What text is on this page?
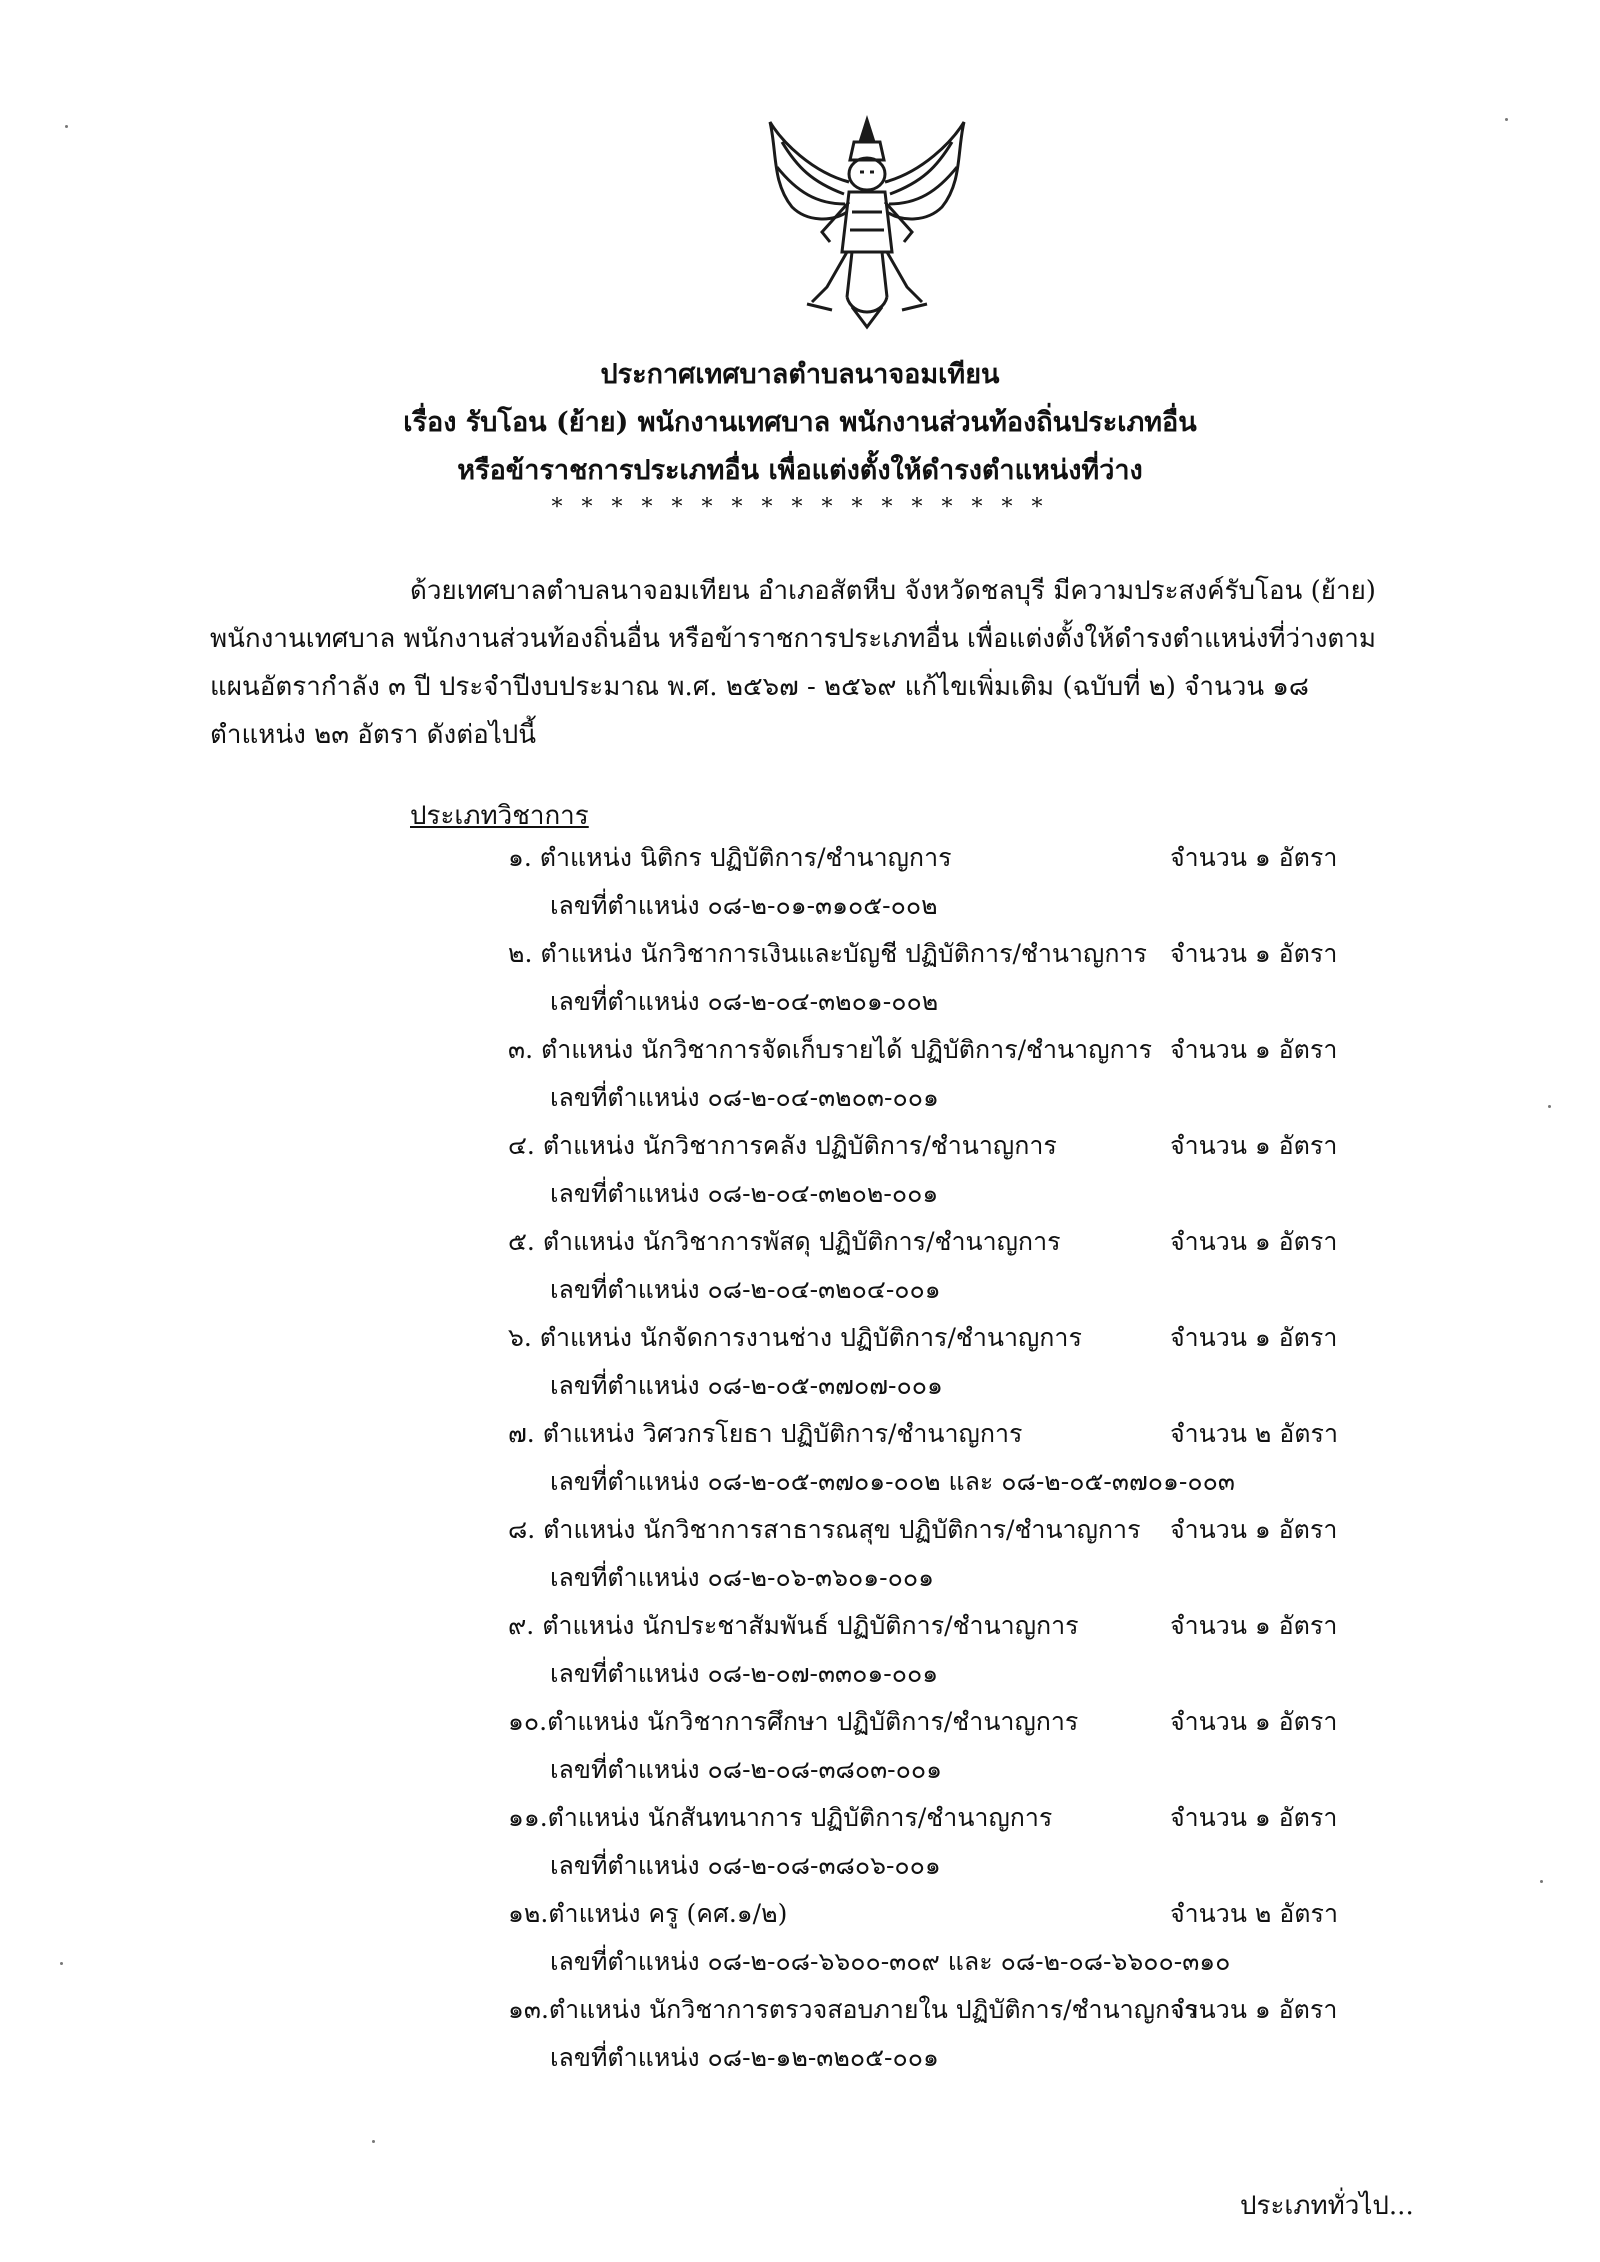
ประกาศเทศบาลตำบลนาจอมเทียน
เรื่อง รับโอน (ย้าย) พนักงานเทศบาล พนักงานส่วนท้องถิ่นประเภทอื่น
หรือข้าราชการประเภทอื่น เพื่อแต่งตั้งให้ดำรงตำแหน่งที่ว่าง
* * * * * * * * * * * * * * * * *
ด้วยเทศบาลตำบลนาจอมเทียน อำเภอสัตหีบ จังหวัดชลบุรี มีความประสงค์รับโอน (ย้าย)
พนักงานเทศบาล พนักงานส่วนท้องถิ่นอื่น หรือข้าราชการประเภทอื่น เพื่อแต่งตั้งให้ดำรงตำแหน่งที่ว่างตาม
แผนอัตรากำลัง ๓ ปี ประจำปีงบประมาณ พ.ศ. ๒๕๖๗ - ๒๕๖๙ แก้ไขเพิ่มเติม (ฉบับที่ ๒) จำนวน ๑๘
ตำแหน่ง ๒๓ อัตรา ดังต่อไปนี้
ประเภทวิชาการ
๑. ตำแหน่ง นิติกร ปฏิบัติการ/ชำนาญการ	จำนวน ๑ อัตรา
เลขที่ตำแหน่ง ๐๘-๒-๐๑-๓๑๐๕-๐๐๒
๒. ตำแหน่ง นักวิชาการเงินและบัญชี ปฏิบัติการ/ชำนาญการ จำนวน ๑ อัตรา
เลขที่ตำแหน่ง ๐๘-๒-๐๔-๓๒๐๑-๐๐๒
๓. ตำแหน่ง นักวิชาการจัดเก็บรายได้ ปฏิบัติการ/ชำนาญการ จำนวน ๑ อัตรา
เลขที่ตำแหน่ง ๐๘-๒-๐๔-๓๒๐๓-๐๐๑
๔. ตำแหน่ง นักวิชาการคลัง ปฏิบัติการ/ชำนาญการ	จำนวน ๑ อัตรา
เลขที่ตำแหน่ง ๐๘-๒-๐๔-๓๒๐๒-๐๐๑
๕. ตำแหน่ง นักวิชาการพัสดุ ปฏิบัติการ/ชำนาญการ	จำนวน ๑ อัตรา
เลขที่ตำแหน่ง ๐๘-๒-๐๔-๓๒๐๔-๐๐๑
๖. ตำแหน่ง นักจัดการงานช่าง ปฏิบัติการ/ชำนาญการ	จำนวน ๑ อัตรา
เลขที่ตำแหน่ง ๐๘-๒-๐๕-๓๗๐๗-๐๐๑
๗. ตำแหน่ง วิศวกรโยธา ปฏิบัติการ/ชำนาญการ	จำนวน ๒ อัตรา
เลขที่ตำแหน่ง ๐๘-๒-๐๕-๓๗๐๑-๐๐๒ และ ๐๘-๒-๐๕-๓๗๐๑-๐๐๓
๘. ตำแหน่ง นักวิชาการสาธารณสุข ปฏิบัติการ/ชำนาญการ จำนวน ๑ อัตรา
เลขที่ตำแหน่ง ๐๘-๒-๐๖-๓๖๐๑-๐๐๑
๙. ตำแหน่ง นักประชาสัมพันธ์ ปฏิบัติการ/ชำนาญการ	จำนวน ๑ อัตรา
เลขที่ตำแหน่ง ๐๘-๒-๐๗-๓๓๐๑-๐๐๑
๑๐.ตำแหน่ง นักวิชาการศึกษา ปฏิบัติการ/ชำนาญการ	จำนวน ๑ อัตรา
เลขที่ตำแหน่ง ๐๘-๒-๐๘-๓๘๐๓-๐๐๑
๑๑.ตำแหน่ง นักสันทนาการ ปฏิบัติการ/ชำนาญการ	จำนวน ๑ อัตรา
เลขที่ตำแหน่ง ๐๘-๒-๐๘-๓๘๐๖-๐๐๑
๑๒.ตำแหน่ง ครู (คศ.๑/๒)	จำนวน ๒ อัตรา
เลขที่ตำแหน่ง ๐๘-๒-๐๘-๖๖๐๐-๓๐๙ และ ๐๘-๒-๐๘-๖๖๐๐-๓๑๐
๑๓.ตำแหน่ง นักวิชาการตรวจสอบภายใน ปฏิบัติการ/ชำนาญการ
จำนวน ๑ อัตรา
เลขที่ตำแหน่ง ๐๘-๒-๑๒-๓๒๐๕-๐๐๑
ประเภททั่วไป...
